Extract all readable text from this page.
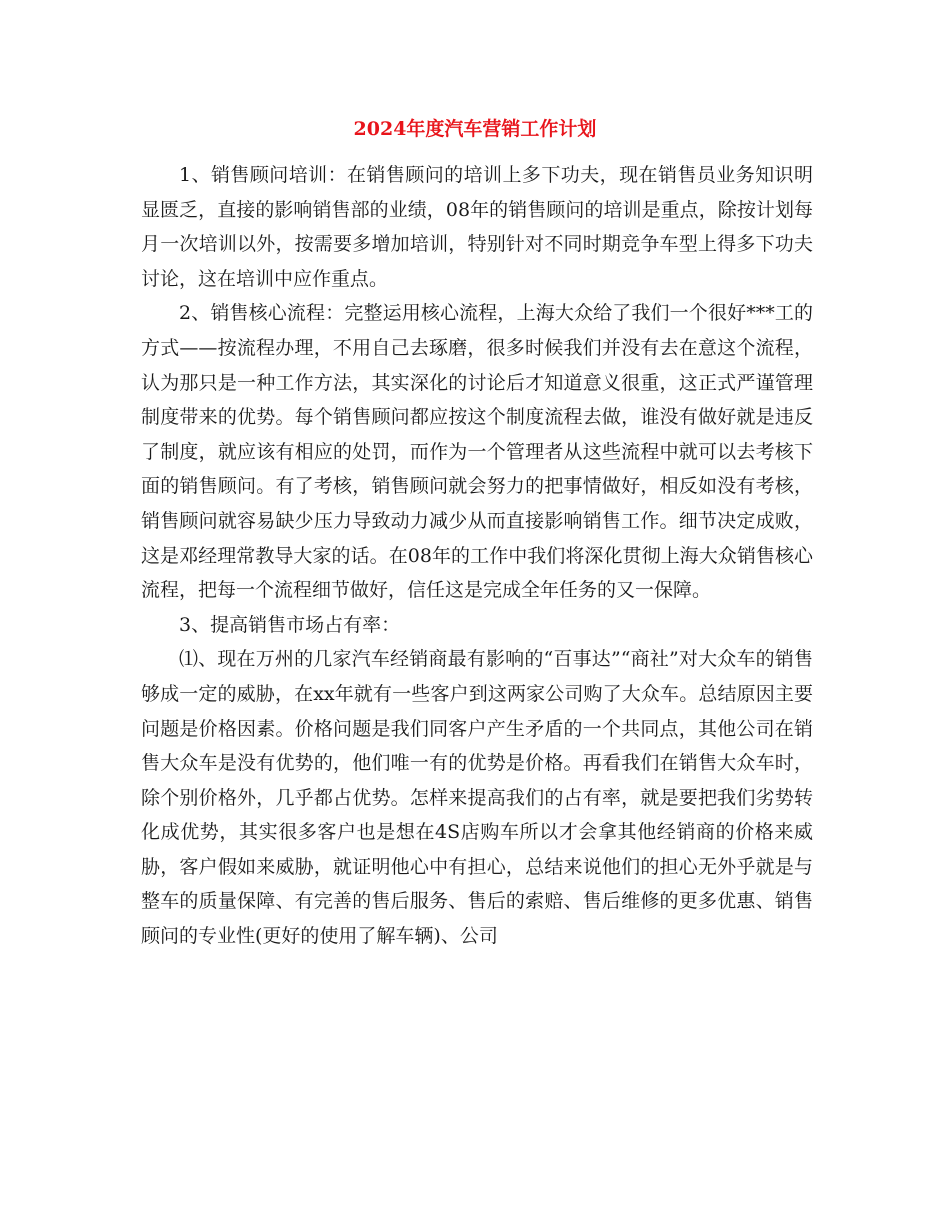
2024年度汽车营销工作计划

1、销售顾问培训：在销售顾问的培训上多下功夫，现在销售员业务知识明显匮乏，直接的影响销售部的业绩，08年的销售顾问的培训是重点，除按计划每月一次培训以外，按需要多增加培训，特别针对不同时期竞争车型上得多下功夫讨论，这在培训中应作重点。

2、销售核心流程：完整运用核心流程，上海大众给了我们一个很好***工的方式——按流程办理，不用自己去琢磨，很多时候我们并没有去在意这个流程，认为那只是一种工作方法，其实深化的讨论后才知道意义很重，这正式严谨管理制度带来的优势。每个销售顾问都应按这个制度流程去做，谁没有做好就是违反了制度，就应该有相应的处罚，而作为一个管理者从这些流程中就可以去考核下面的销售顾问。有了考核，销售顾问就会努力的把事情做好，相反如没有考核，销售顾问就容易缺少压力导致动力减少从而直接影响销售工作。细节决定成败，这是邓经理常教导大家的话。在08年的工作中我们将深化贯彻上海大众销售核心流程，把每一个流程细节做好，信任这是完成全年任务的又一保障。

3、提高销售市场占有率：

⑴、现在万州的几家汽车经销商最有影响的“百事达”“商社”对大众车的销售够成一定的威胁，在xx年就有一些客户到这两家公司购了大众车。总结原因主要问题是价格因素。价格问题是我们同客户产生矛盾的一个共同点，其他公司在销售大众车是没有优势的，他们唯一有的优势是价格。再看我们在销售大众车时，除个别价格外，几乎都占优势。怎样来提高我们的占有率，就是要把我们劣势转化成优势，其实很多客户也是想在4S店购车所以才会拿其他经销商的价格来威胁，客户假如来威胁，就证明他心中有担心，总结来说他们的担心无外乎就是与整车的质量保障、有完善的售后服务、售后的索赔、售后维修的更多优惠、销售顾问的专业性(更好的使用了解车辆)、公司
